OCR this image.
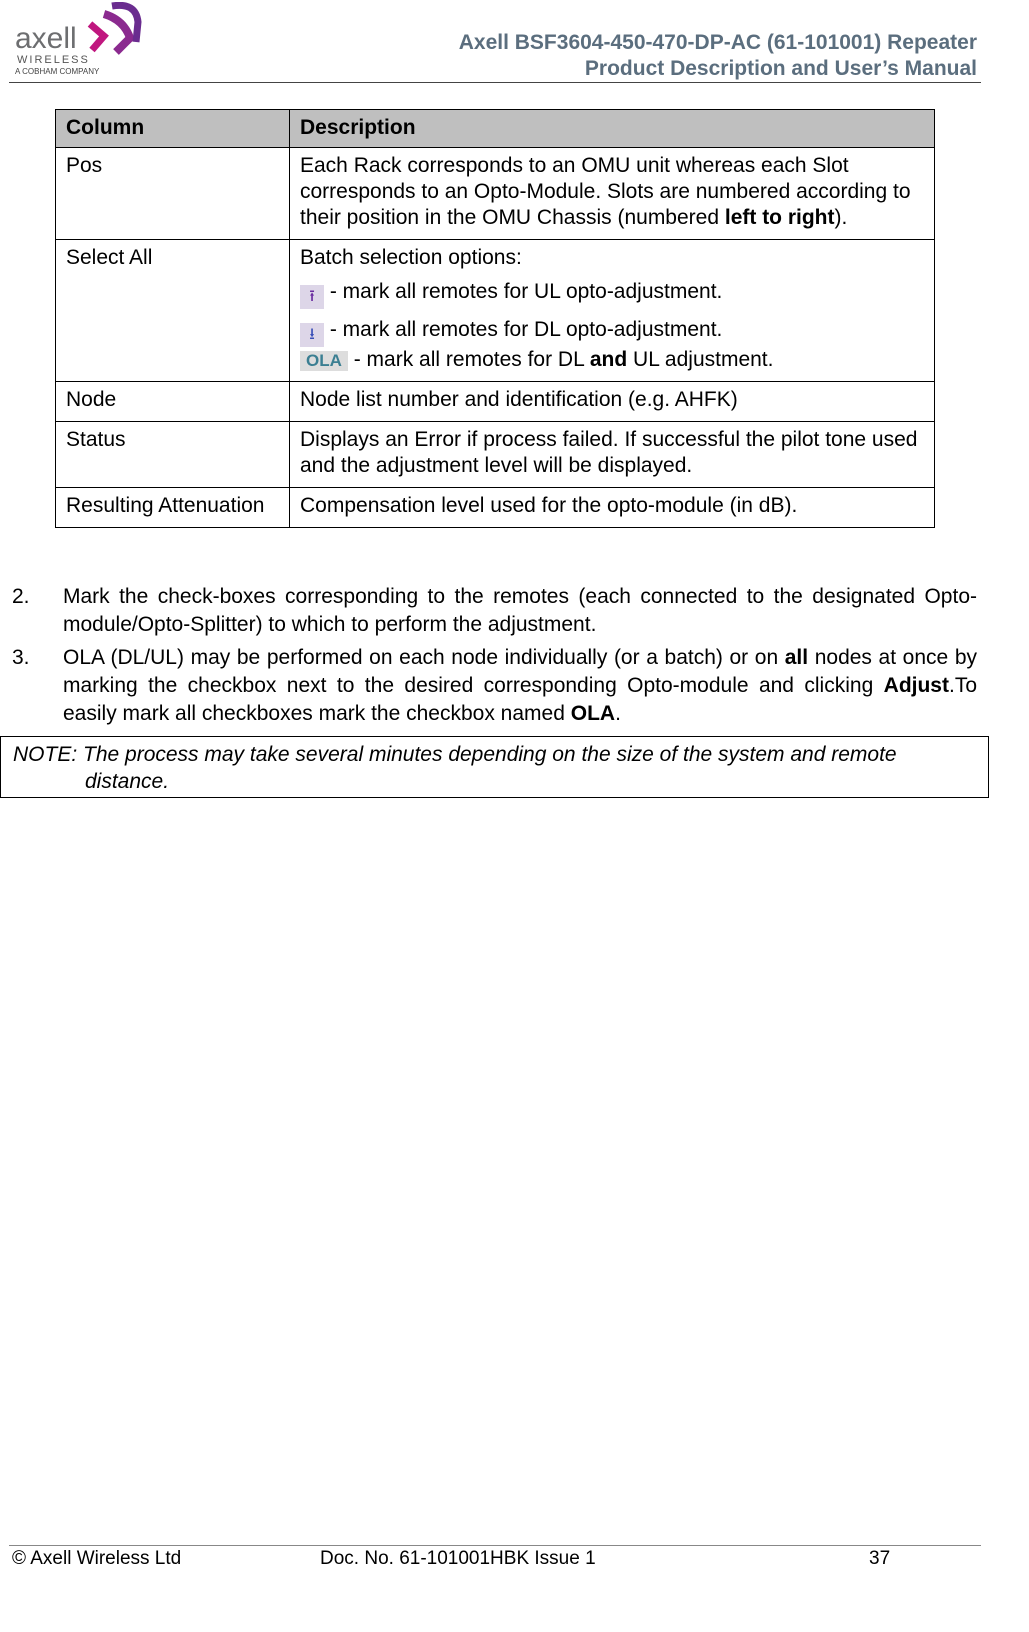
axell
WIRELESS
A COBHAM COMPANY
Axell BSF3604-450-470-DP-AC (61-101001) Repeater
Product Description and User’s Manual
Column	Description
Pos	Each Rack corresponds to an OMU unit whereas each Slot corresponds to an Opto-Module. Slots are numbered according to their position in the OMU Chassis (numbered left to right).
Select All	Batch selection options:
⭱ - mark all remotes for UL opto-adjustment.
⭳ - mark all remotes for DL opto-adjustment.
OLA - mark all remotes for DL and UL adjustment.

Node	Node list number and identification (e.g. AHFK)
Status	Displays an Error if process failed. If successful the pilot tone used and the adjustment level will be displayed.
Resulting Attenuation	Compensation level used for the opto-module (in dB).
2.	Mark the check-boxes corresponding to the remotes (each connected to the designated Opto-module/Opto-Splitter) to which to perform the adjustment.
3.	OLA (DL/UL) may be performed on each node individually (or a batch) or on all nodes at once by marking the checkbox next to the desired corresponding Opto-module and clicking Adjust.To easily mark all checkboxes mark the checkbox named OLA.
NOTE: The process may take several minutes depending on the size of the system and remote
distance.
© Axell Wireless Ltd	Doc. No. 61-101001HBK Issue 1	37
